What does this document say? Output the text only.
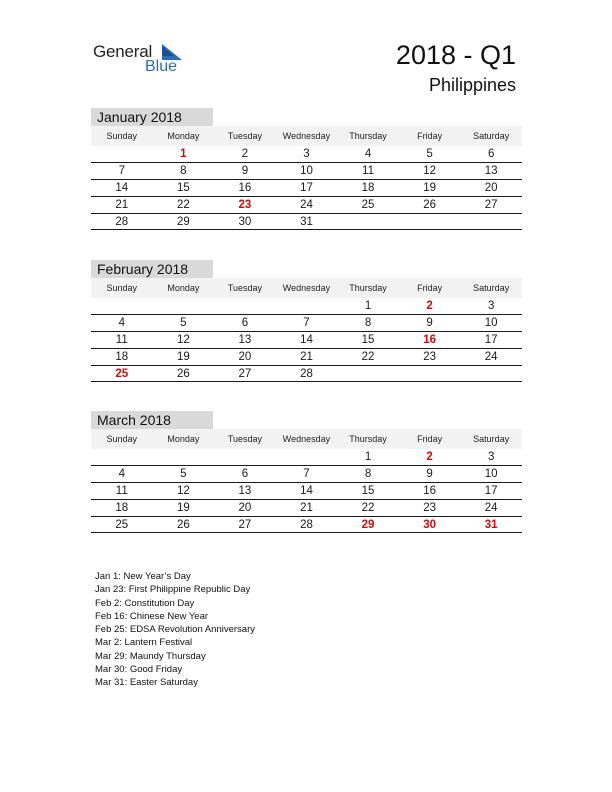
General
Blue	2018 - Q1
Philippines
January 2018
Sunday	Monday	Tuesday	Wednesday	Thursday	Friday	Saturday
	1	2	3	4	5	6
7	8	9	10	11	12	13
14	15	16	17	18	19	20
21	22	23	24	25	26	27
28	29	30	31			
February 2018
Sunday	Monday	Tuesday	Wednesday	Thursday	Friday	Saturday
				1	2	3
4	5	6	7	8	9	10
11	12	13	14	15	16	17
18	19	20	21	22	23	24
25	26	27	28			
March 2018
Sunday	Monday	Tuesday	Wednesday	Thursday	Friday	Saturday
				1	2	3
4	5	6	7	8	9	10
11	12	13	14	15	16	17
18	19	20	21	22	23	24
25	26	27	28	29	30	31
Jan 1: New Year’s Day
Jan 23: First Philippine Republic Day
Feb 2: Constitution Day
Feb 16: Chinese New Year
Feb 25: EDSA Revolution Anniversary
Mar 2: Lantern Festival
Mar 29: Maundy Thursday
Mar 30: Good Friday
Mar 31: Easter Saturday
